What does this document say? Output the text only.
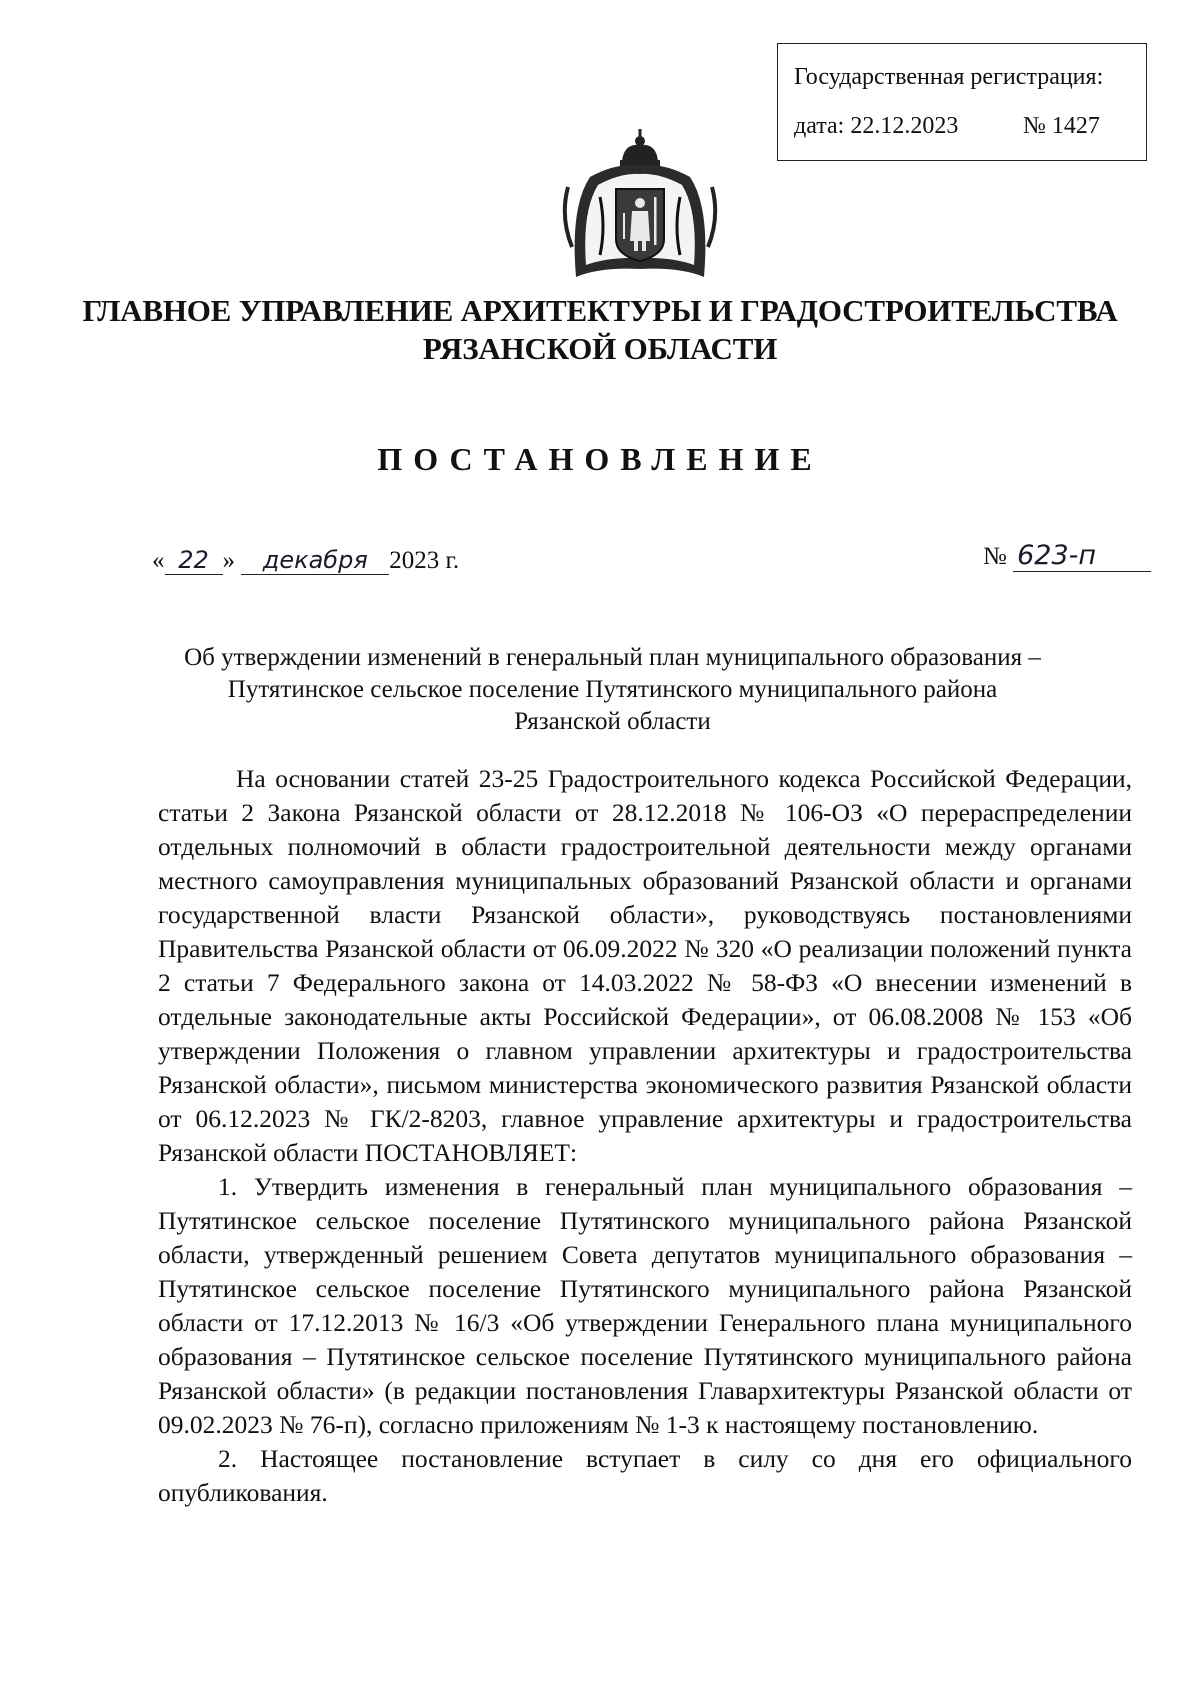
Государственная регистрация:
дата: 22.12.2023	№ 1427
ГЛАВНОЕ УПРАВЛЕНИЕ АРХИТЕКТУРЫ И ГРАДОСТРОИТЕЛЬСТВА
РЯЗАНСКОЙ ОБЛАСТИ
ПОСТАНОВЛЕНИЕ
« 22 » декабря 2023 г.	№ 623-п
Об утверждении изменений в генеральный план муниципального образования –
Путятинское сельское поселение Путятинского муниципального района
Рязанской области

На основании статей 23-25 Градостроительного кодекса Российской Федерации, статьи 2 Закона Рязанской области от 28.12.2018 № 106-ОЗ «О перераспределении отдельных полномочий в области градостроительной деятельности между органами местного самоуправления муниципальных образований Рязанской области и органами государственной власти Рязанской области», руководствуясь постановлениями Правительства Рязанской области от 06.09.2022 № 320 «О реализации положений пункта 2 статьи 7 Федерального закона от 14.03.2022 № 58-ФЗ «О внесении изменений в отдельные законодательные акты Российской Федерации», от 06.08.2008 № 153 «Об утверждении Положения о главном управлении архитектуры и градостроительства Рязанской области», письмом министерства экономического развития Рязанской области от 06.12.2023 № ГК/2-8203, главное управление архитектуры и градостроительства Рязанской области ПОСТАНОВЛЯЕТ:

1. Утвердить изменения в генеральный план муниципального образования – Путятинское сельское поселение Путятинского муниципального района Рязанской области, утвержденный решением Совета депутатов муниципального образования – Путятинское сельское поселение Путятинского муниципального района Рязанской области от 17.12.2013 № 16/3 «Об утверждении Генерального плана муниципального образования – Путятинское сельское поселение Путятинского муниципального района Рязанской области» (в редакции постановления Главархитектуры Рязанской области от 09.02.2023 № 76-п), согласно приложениям № 1-3 к настоящему постановлению.

2. Настоящее постановление вступает в силу со дня его официального опубликования.
